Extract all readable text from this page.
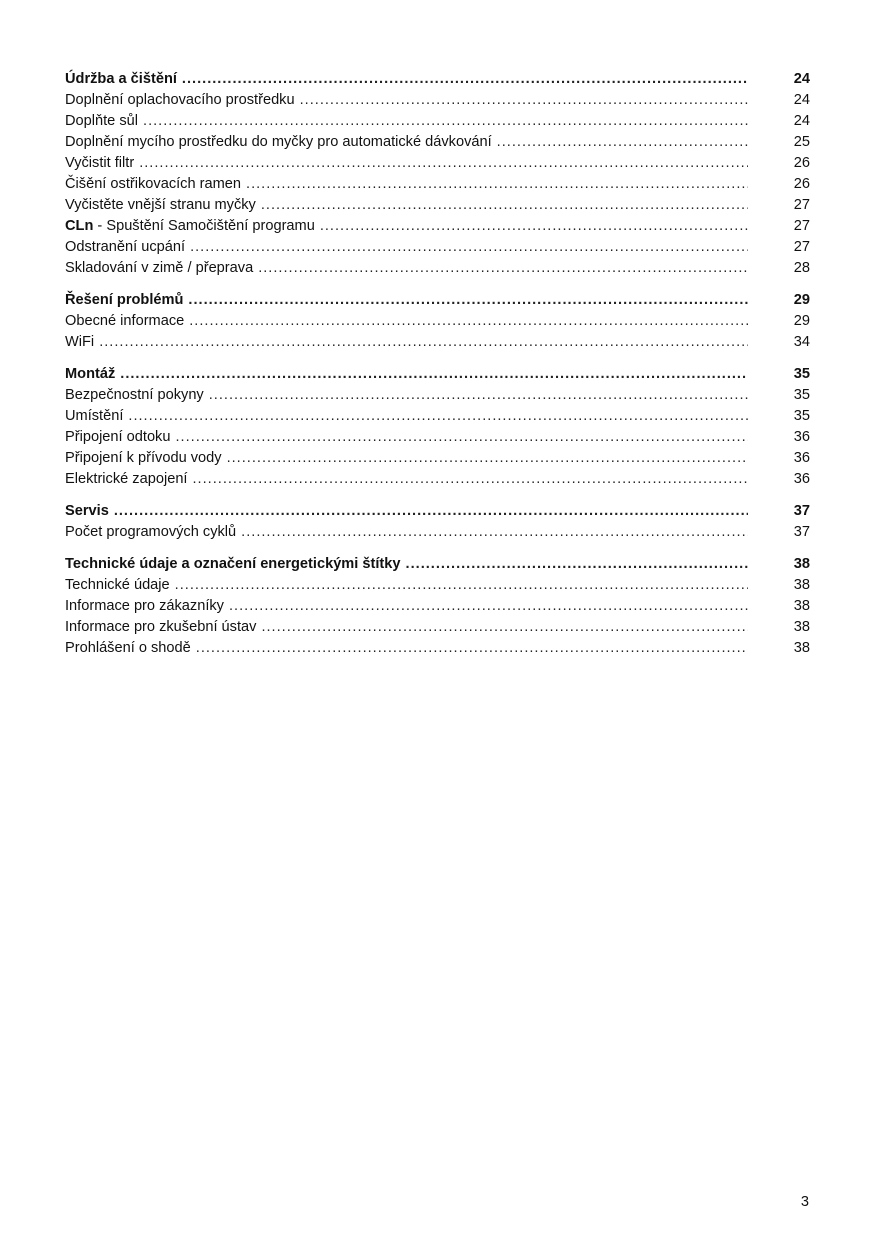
Údržba a čištění .....	24
Doplnění oplachovacího prostředku .....	24
Doplňte sůl .....	24
Doplnění mycího prostředku do myčky pro automatické dávkování .....	25
Vyčistit filtr .....	26
Čišění ostřikovacích ramen .....	26
Vyčistěte vnější stranu myčky .....	27
CLn - Spuštění Samočištění programu .....	27
Odstranění ucpání .....	27
Skladování v zimě / přeprava .....	28
Řešení problémů .....	29
Obecné informace .....	29
WiFi .....	34
Montáž .....	35
Bezpečnostní pokyny .....	35
Umístění .....	35
Připojení odtoku .....	36
Připojení k přívodu vody .....	36
Elektrické zapojení .....	36
Servis .....	37
Počet programových cyklů .....	37
Technické údaje a označení energetickými štítky .....	38
Technické údaje .....	38
Informace pro zákazníky .....	38
Informace pro zkušební ústav .....	38
Prohlášení o shodě .....	38
3
